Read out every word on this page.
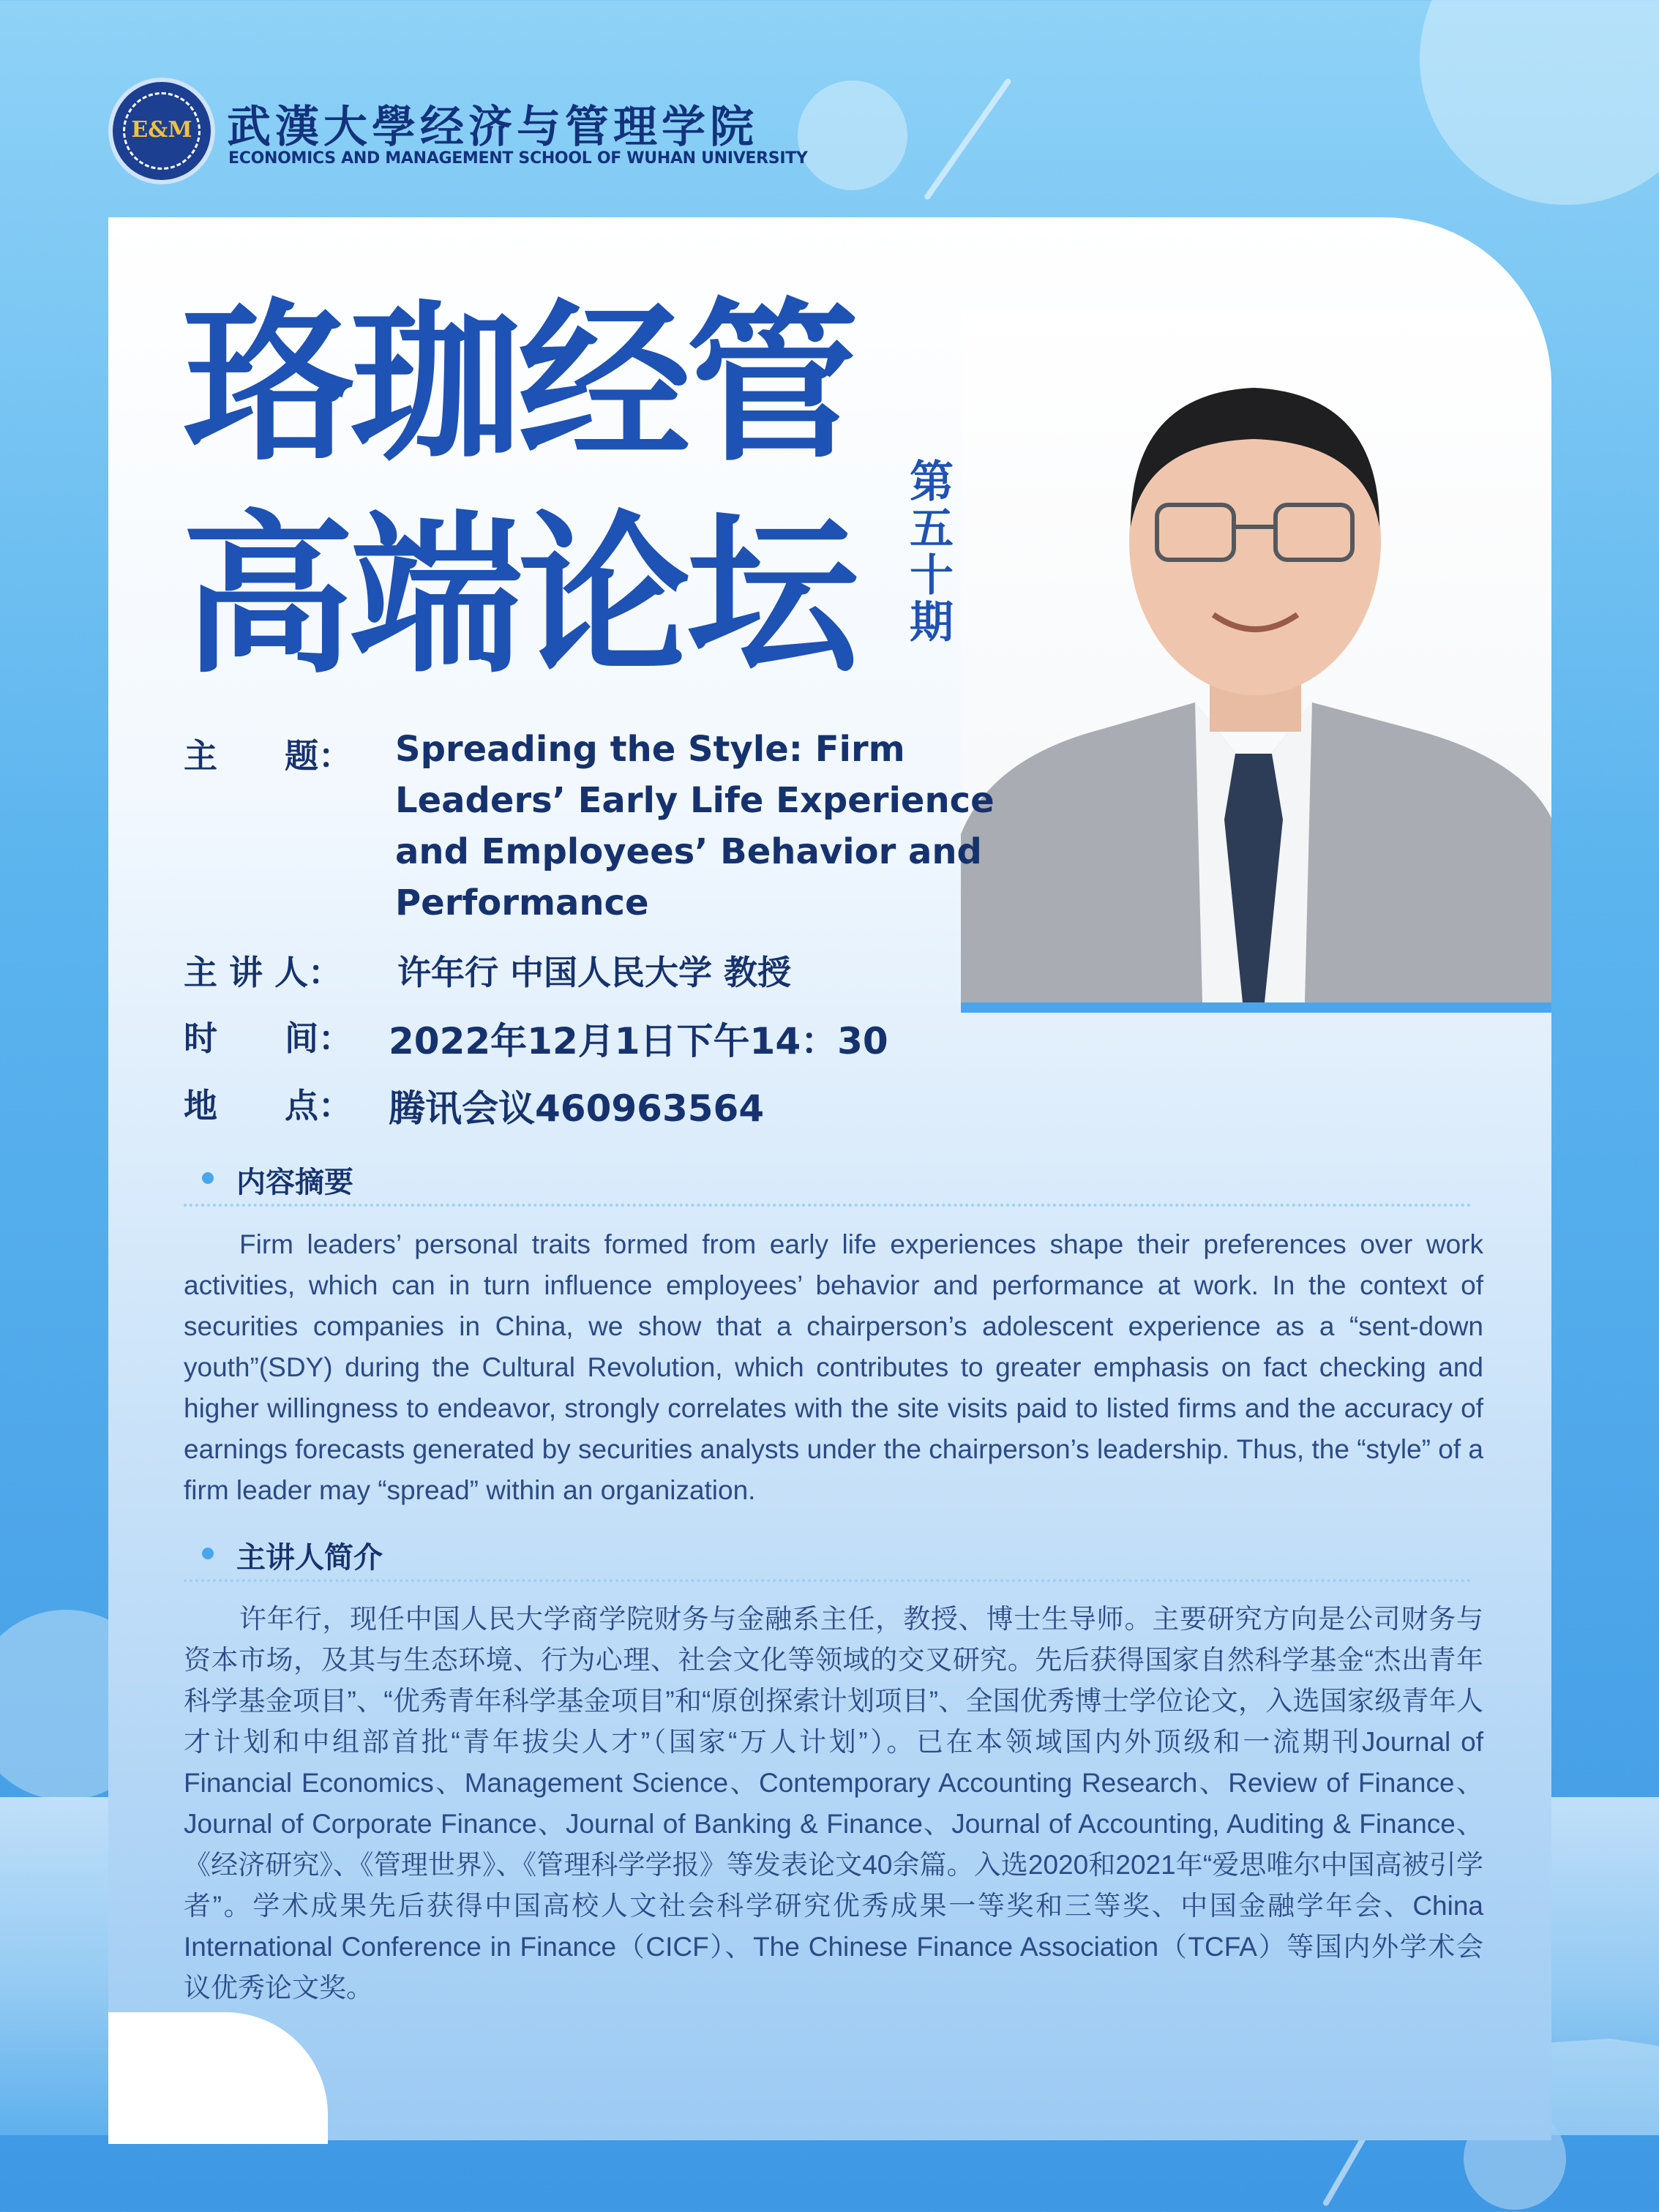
E&M 武漢大學经济与管理学院
ECONOMICS AND MANAGEMENT SCHOOL OF WUHAN UNIVERSITY
珞珈经管
高端论坛
第五十期
主　　题： Spreading the Style: Firm Leaders’ Early Life Experience and Employees’ Behavior and Performance
主 讲 人： 许年行 中国人民大学 教授
时　　间： 2022年12月1日下午14：30
地　　点： 腾讯会议460963564
内容摘要
Firm leaders’ personal traits formed from early life experiences shape their preferences over work activities, which can in turn influence employees’ behavior and performance at work. In the context of securities companies in China, we show that a chairperson’s adolescent experience as a “sent-down youth”(SDY) during the Cultural Revolution, which contributes to greater emphasis on fact checking and higher willingness to endeavor, strongly correlates with the site visits paid to listed firms and the accuracy of earnings forecasts generated by securities analysts under the chairperson’s leadership. Thus, the “style” of a firm leader may “spread” within an organization.
主讲人简介
许年行，现任中国人民大学商学院财务与金融系主任，教授、博士生导师。主要研究方向是公司财务与资本市场，及其与生态环境、行为心理、社会文化等领域的交叉研究。先后获得国家自然科学基金“杰出青年科学基金项目”、“优秀青年科学基金项目”和“原创探索计划项目”、全国优秀博士学位论文，入选国家级青年人才计划和中组部首批“青年拔尖人才”（国家“万人计划”）。已在本领域国内外顶级和一流期刊Journal of Financial Economics、Management Science、Contemporary Accounting Research、Review of Finance、Journal of Corporate Finance、Journal of Banking & Finance、Journal of Accounting, Auditing & Finance、《经济研究》、《管理世界》、《管理科学学报》等发表论文40余篇。入选2020和2021年“爱思唯尔中国高被引学者”。学术成果先后获得中国高校人文社会科学研究优秀成果一等奖和三等奖、中国金融学年会、China International Conference in Finance（CICF）、The Chinese Finance Association（TCFA）等国内外学术会议优秀论文奖。
